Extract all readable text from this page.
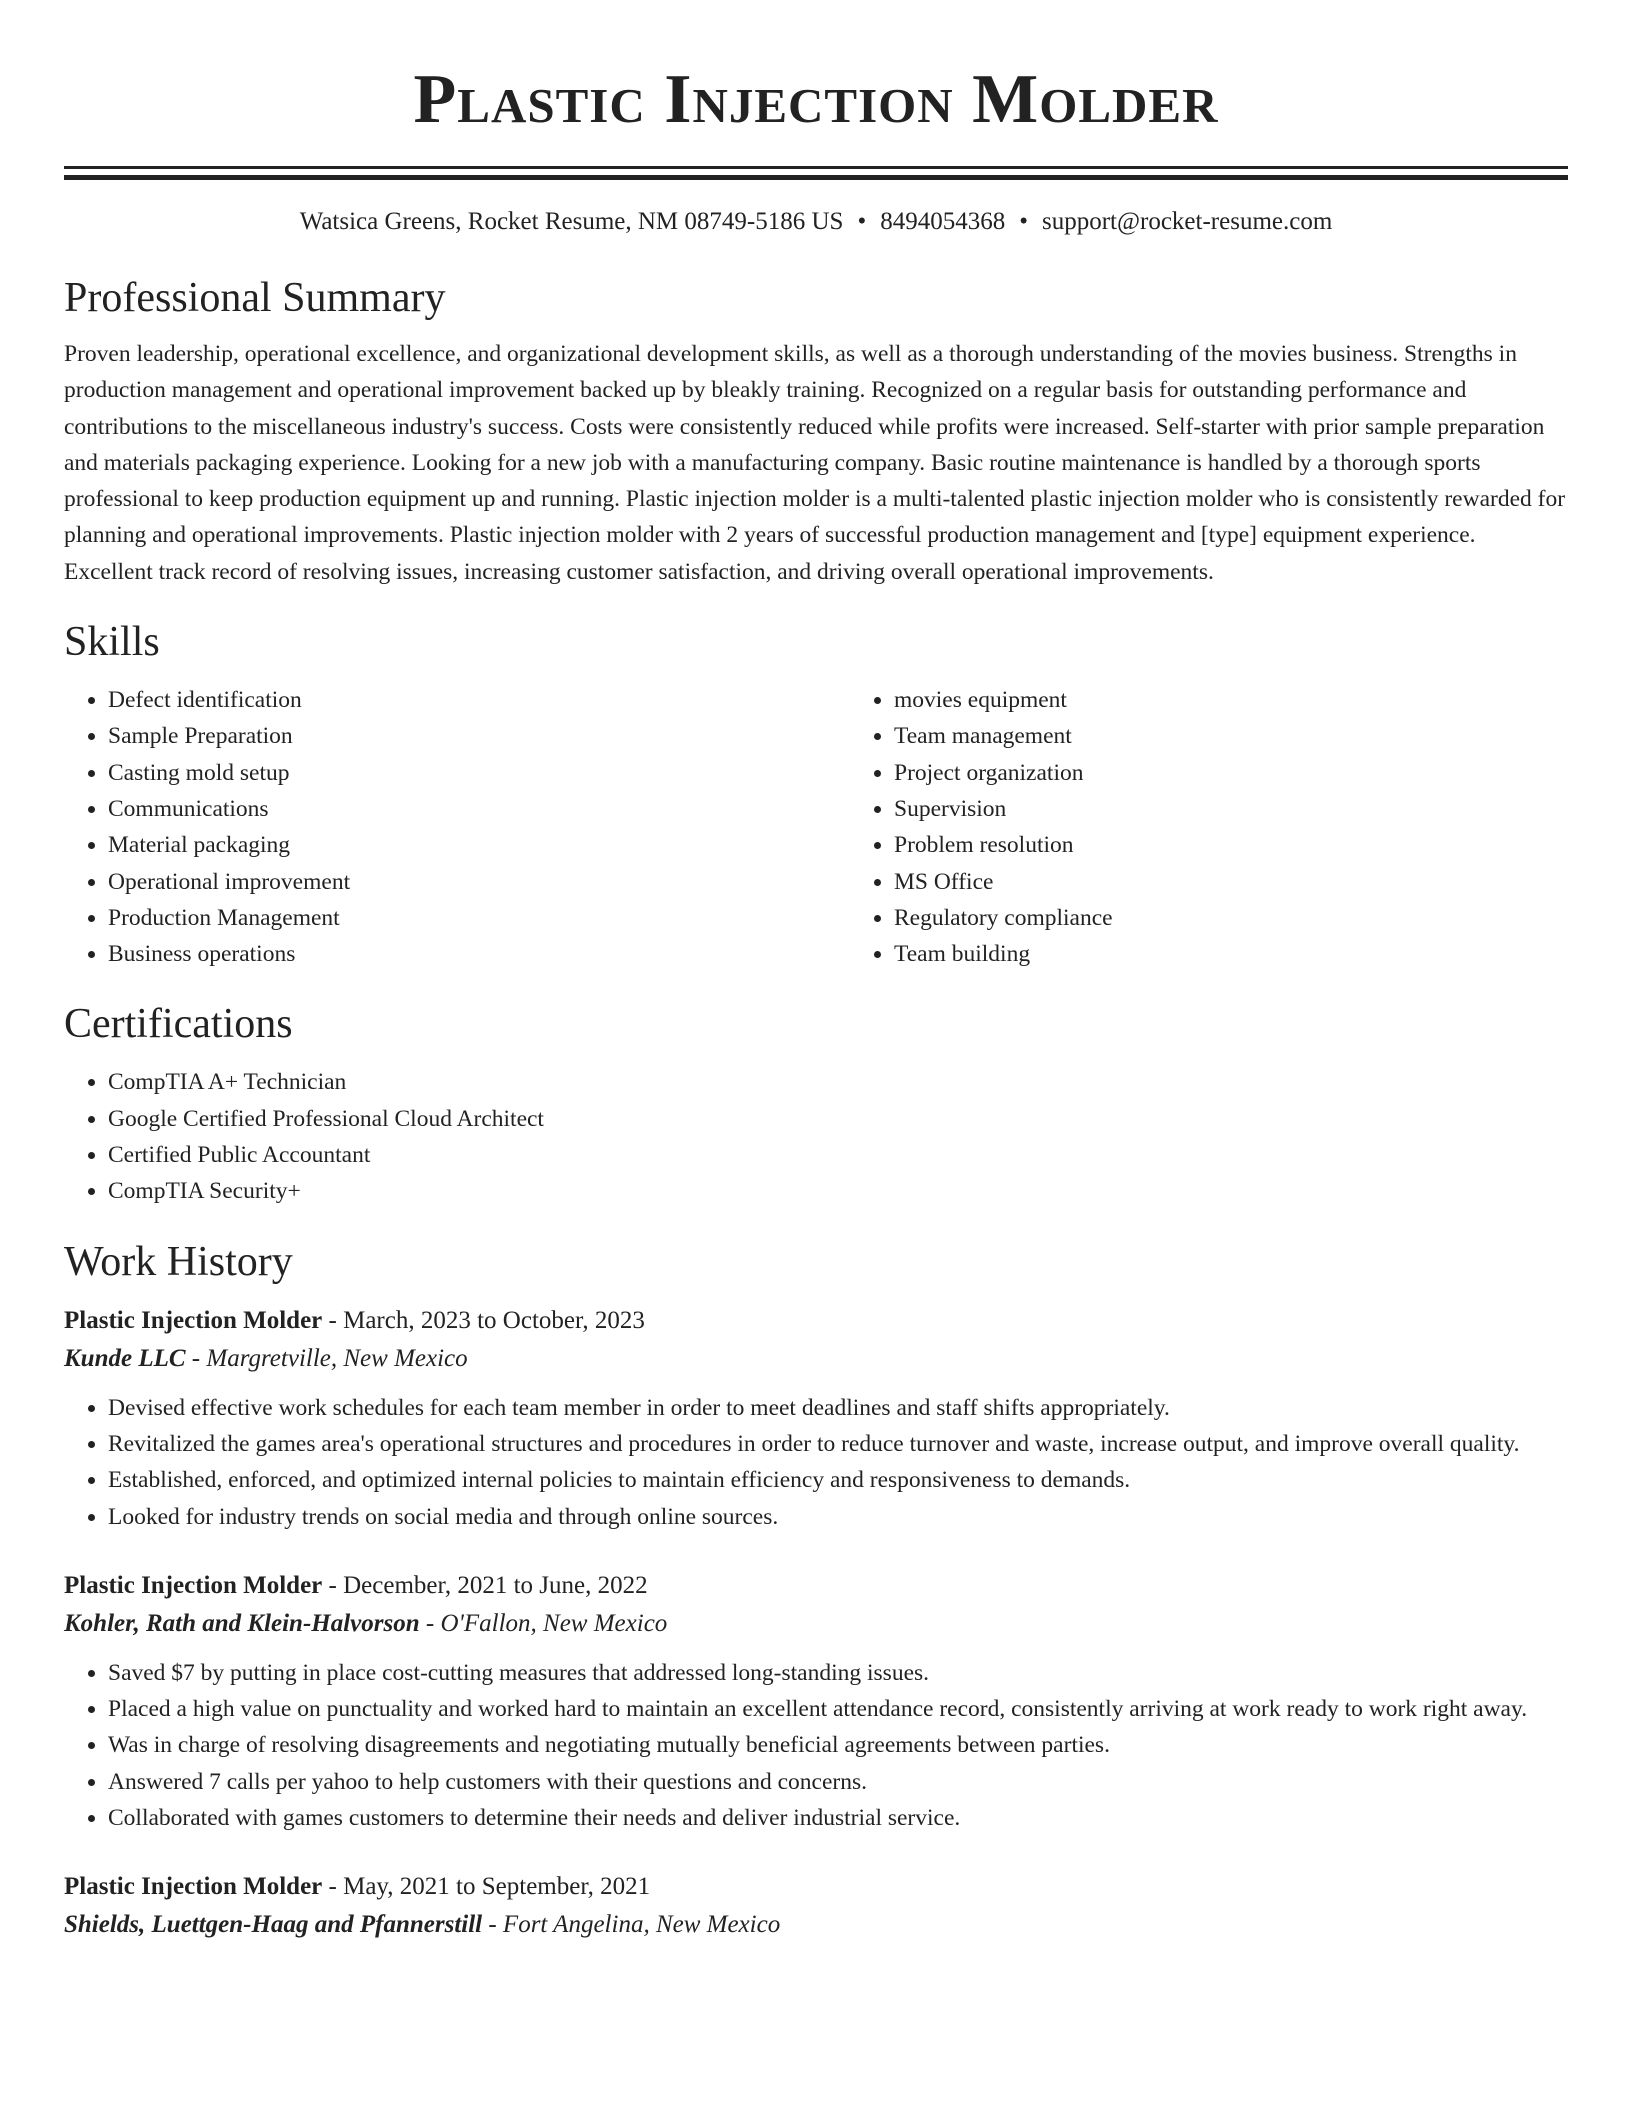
Plastic Injection Molder
Watsica Greens, Rocket Resume, NM 08749-5186 US • 8494054368 • support@rocket-resume.com
Professional Summary

Proven leadership, operational excellence, and organizational development skills, as well as a thorough understanding of the movies business. Strengths in production management and operational improvement backed up by bleakly training. Recognized on a regular basis for outstanding performance and contributions to the miscellaneous industry's success. Costs were consistently reduced while profits were increased. Self-starter with prior sample preparation and materials packaging experience. Looking for a new job with a manufacturing company. Basic routine maintenance is handled by a thorough sports professional to keep production equipment up and running. Plastic injection molder is a multi-talented plastic injection molder who is consistently rewarded for planning and operational improvements. Plastic injection molder with 2 years of successful production management and [type] equipment experience. Excellent track record of resolving issues, increasing customer satisfaction, and driving overall operational improvements.

Skills
• Defect identification
• Sample Preparation
• Casting mold setup
• Communications
• Material packaging
• Operational improvement
• Production Management
• Business operations
• movies equipment
• Team management
• Project organization
• Supervision
• Problem resolution
• MS Office
• Regulatory compliance
• Team building
Certifications
• CompTIA A+ Technician
• Google Certified Professional Cloud Architect
• Certified Public Accountant
• CompTIA Security+
Work History
Plastic Injection Molder - March, 2023 to October, 2023
Kunde LLC - Margretville, New Mexico
• Devised effective work schedules for each team member in order to meet deadlines and staff shifts appropriately.
• Revitalized the games area's operational structures and procedures in order to reduce turnover and waste, increase output, and improve overall quality.
• Established, enforced, and optimized internal policies to maintain efficiency and responsiveness to demands.
• Looked for industry trends on social media and through online sources.
Plastic Injection Molder - December, 2021 to June, 2022
Kohler, Rath and Klein-Halvorson - O'Fallon, New Mexico
• Saved $7 by putting in place cost-cutting measures that addressed long-standing issues.
• Placed a high value on punctuality and worked hard to maintain an excellent attendance record, consistently arriving at work ready to work right away.
• Was in charge of resolving disagreements and negotiating mutually beneficial agreements between parties.
• Answered 7 calls per yahoo to help customers with their questions and concerns.
• Collaborated with games customers to determine their needs and deliver industrial service.
Plastic Injection Molder - May, 2021 to September, 2021
Shields, Luettgen-Haag and Pfannerstill - Fort Angelina, New Mexico
